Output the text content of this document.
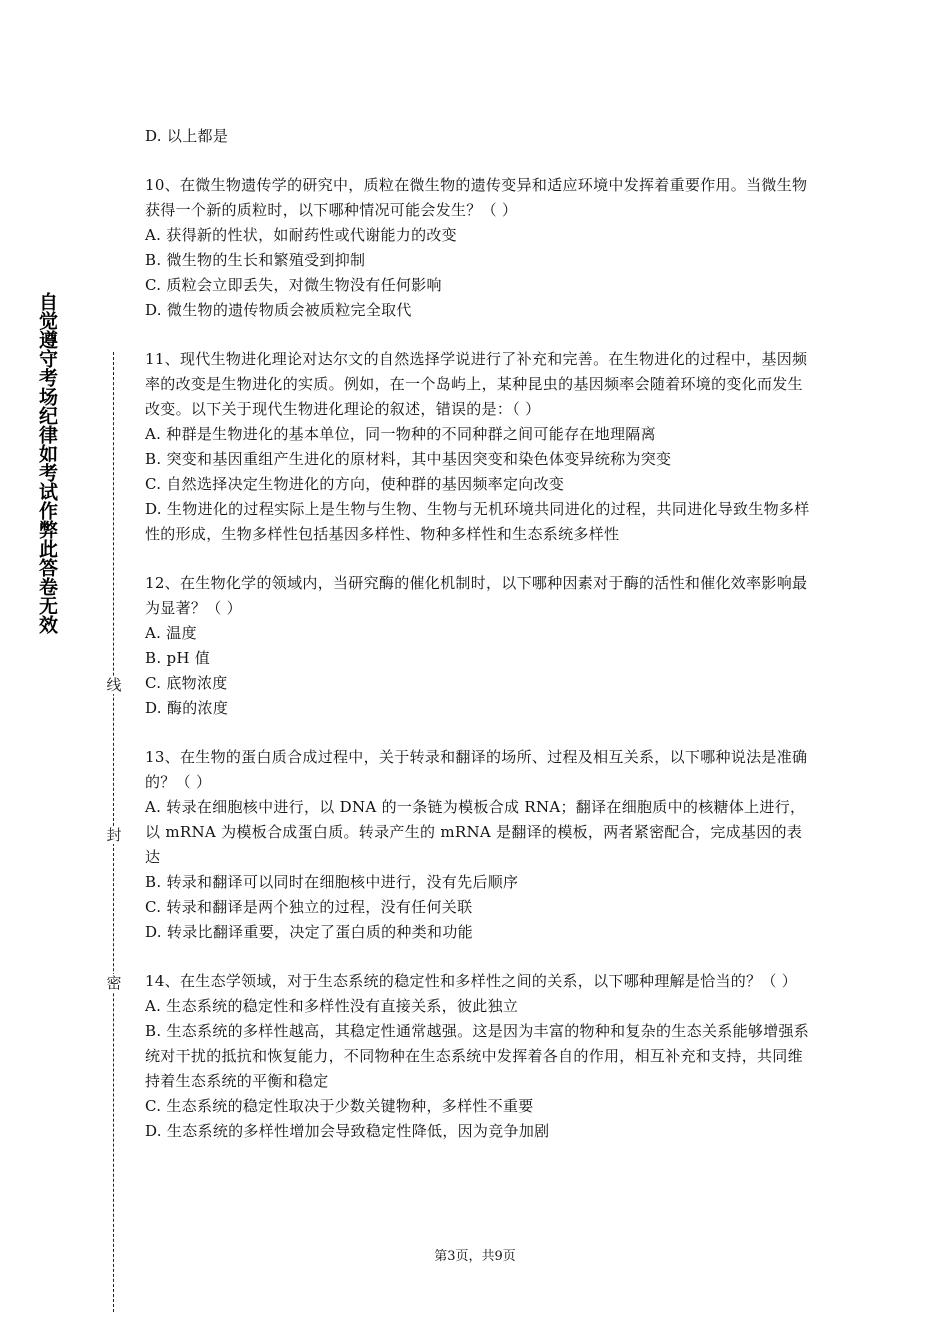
自觉遵守考场纪律如考试作弊此答卷无效
线
封
密
D. 以上都是
10、在微生物遗传学的研究中，质粒在微生物的遗传变异和适应环境中发挥着重要作用。当微生物获得一个新的质粒时，以下哪种情况可能会发生？（ ）
A. 获得新的性状，如耐药性或代谢能力的改变
B. 微生物的生长和繁殖受到抑制
C. 质粒会立即丢失，对微生物没有任何影响
D. 微生物的遗传物质会被质粒完全取代
11、现代生物进化理论对达尔文的自然选择学说进行了补充和完善。在生物进化的过程中，基因频率的改变是生物进化的实质。例如，在一个岛屿上，某种昆虫的基因频率会随着环境的变化而发生改变。以下关于现代生物进化理论的叙述，错误的是：（ ）
A. 种群是生物进化的基本单位，同一物种的不同种群之间可能存在地理隔离
B. 突变和基因重组产生进化的原材料，其中基因突变和染色体变异统称为突变
C. 自然选择决定生物进化的方向，使种群的基因频率定向改变
D. 生物进化的过程实际上是生物与生物、生物与无机环境共同进化的过程，共同进化导致生物多样性的形成，生物多样性包括基因多样性、物种多样性和生态系统多样性
12、在生物化学的领域内，当研究酶的催化机制时，以下哪种因素对于酶的活性和催化效率影响最为显著？（ ）
A. 温度
B. pH 值
C. 底物浓度
D. 酶的浓度
13、在生物的蛋白质合成过程中，关于转录和翻译的场所、过程及相互关系，以下哪种说法是准确的？（ ）
A. 转录在细胞核中进行，以 DNA 的一条链为模板合成 RNA；翻译在细胞质中的核糖体上进行，以 mRNA 为模板合成蛋白质。转录产生的 mRNA 是翻译的模板，两者紧密配合，完成基因的表达
B. 转录和翻译可以同时在细胞核中进行，没有先后顺序
C. 转录和翻译是两个独立的过程，没有任何关联
D. 转录比翻译重要，决定了蛋白质的种类和功能
14、在生态学领域，对于生态系统的稳定性和多样性之间的关系，以下哪种理解是恰当的？（ ）
A. 生态系统的稳定性和多样性没有直接关系，彼此独立
B. 生态系统的多样性越高，其稳定性通常越强。这是因为丰富的物种和复杂的生态关系能够增强系统对干扰的抵抗和恢复能力，不同物种在生态系统中发挥着各自的作用，相互补充和支持，共同维持着生态系统的平衡和稳定
C. 生态系统的稳定性取决于少数关键物种，多样性不重要
D. 生态系统的多样性增加会导致稳定性降低，因为竞争加剧
第3页，共9页
